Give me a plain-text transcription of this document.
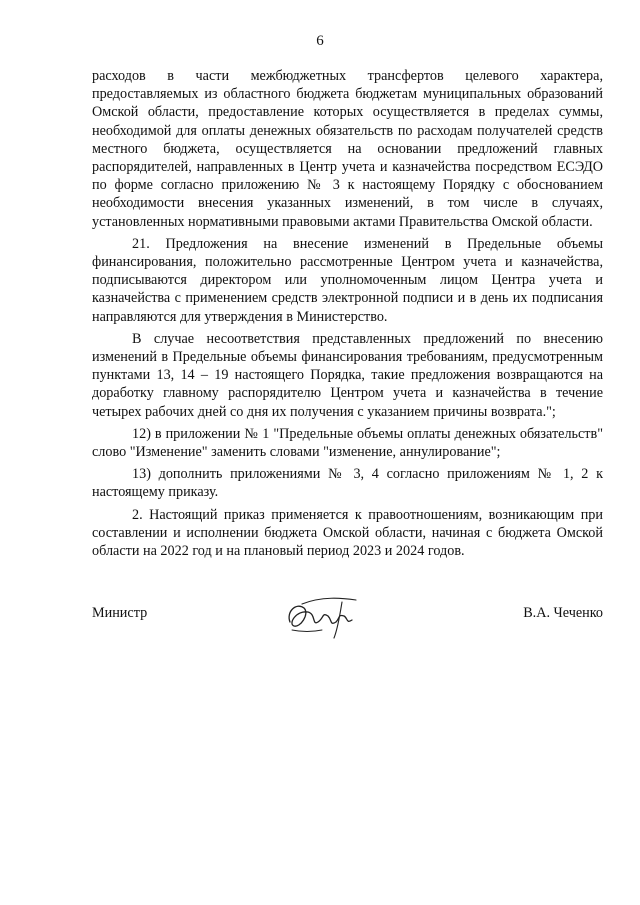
6

расходов в части межбюджетных трансфертов целевого характера, предоставляемых из областного бюджета бюджетам муниципальных образований Омской области, предоставление которых осуществляется в пределах суммы, необходимой для оплаты денежных обязательств по расходам получателей средств местного бюджета, осуществляется на основании предложений главных распорядителей, направленных в Центр учета и казначейства посредством ЕСЭДО по форме согласно приложению № 3 к настоящему Порядку с обоснованием необходимости внесения указанных изменений, в том числе в случаях, установленных нормативными правовыми актами Правительства Омской области.

21. Предложения на внесение изменений в Предельные объемы финансирования, положительно рассмотренные Центром учета и казначейства, подписываются директором или уполномоченным лицом Центра учета и казначейства с применением средств электронной подписи и в день их подписания направляются для утверждения в Министерство.

В случае несоответствия представленных предложений по внесению изменений в Предельные объемы финансирования требованиям, предусмотренным пунктами 13, 14 – 19 настоящего Порядка, такие предложения возвращаются на доработку главному распорядителю Центром учета и казначейства в течение четырех рабочих дней со дня их получения с указанием причины возврата.";

12) в приложении № 1 "Предельные объемы оплаты денежных обязательств" слово "Изменение" заменить словами "изменение, аннулирование";

13) дополнить приложениями № 3, 4 согласно приложениям № 1, 2 к настоящему приказу.

2. Настоящий приказ применяется к правоотношениям, возникающим при составлении и исполнении бюджета Омской области, начиная с бюджета Омской области на 2022 год и на плановый период 2023 и 2024 годов.

Министр	В.А. Чеченко
